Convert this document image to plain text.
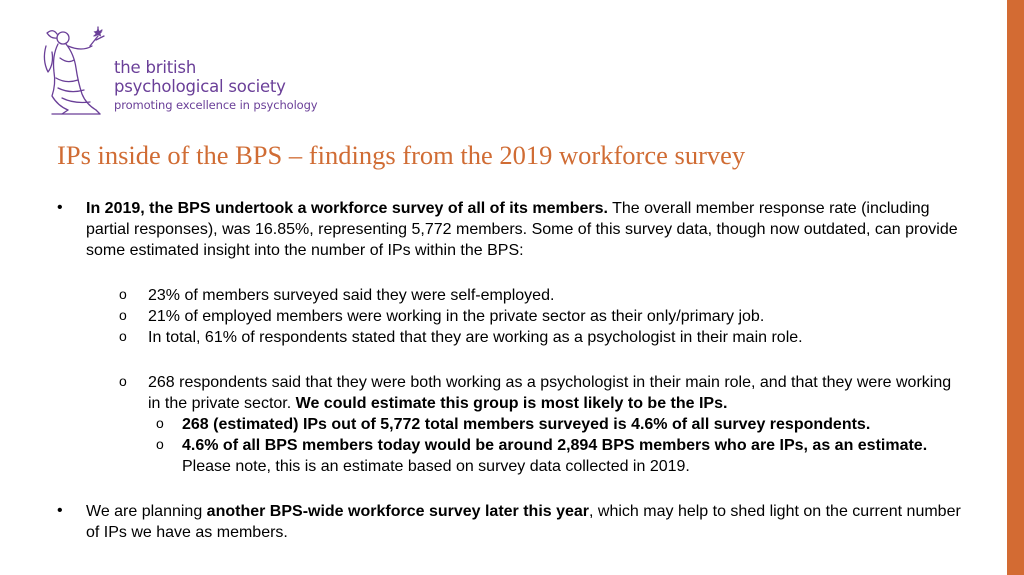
the british
psychological society
promoting excellence in psychology
IPs inside of the BPS – findings from the 2019 workforce survey
• In 2019, the BPS undertook a workforce survey of all of its members. The overall member response rate (including partial responses), was 16.85%, representing 5,772 members. Some of this survey data, though now outdated, can provide some estimated insight into the number of IPs within the BPS:
o 23% of members surveyed said they were self-employed.
o 21% of employed members were working in the private sector as their only/primary job.
o In total, 61% of respondents stated that they are working as a psychologist in their main role.
o 268 respondents said that they were both working as a psychologist in their main role, and that they were working in the private sector. We could estimate this group is most likely to be the IPs.
o 268 (estimated) IPs out of 5,772 total members surveyed is 4.6% of all survey respondents.
o 4.6% of all BPS members today would be around 2,894 BPS members who are IPs, as an estimate. Please note, this is an estimate based on survey data collected in 2019.
• We are planning another BPS-wide workforce survey later this year, which may help to shed light on the current number of IPs we have as members.
